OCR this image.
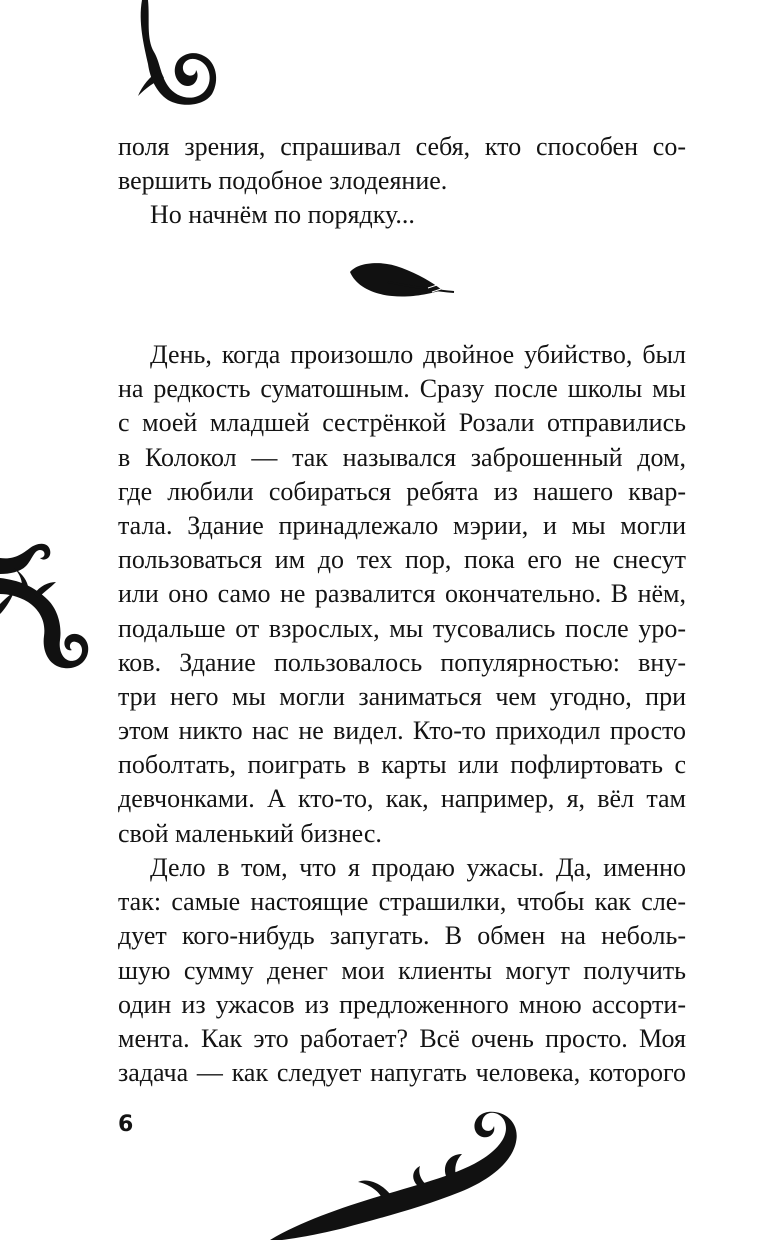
поля зрения, спрашивал себя, кто способен со-
вершить подобное злодеяние.
Но начнём по порядку...
День, когда произошло двойное убийство, был
на редкость суматошным. Сразу после школы мы
с моей младшей сестрёнкой Розали отправились
в Колокол — так назывался заброшенный дом,
где любили собираться ребята из нашего квар-
тала. Здание принадлежало мэрии, и мы могли
пользоваться им до тех пор, пока его не снесут
или оно само не развалится окончательно. В нём,
подальше от взрослых, мы тусовались после уро-
ков. Здание пользовалось популярностью: вну-
три него мы могли заниматься чем угодно, при
этом никто нас не видел. Кто-то приходил просто
поболтать, поиграть в карты или пофлиртовать с
девчонками. А кто-то, как, например, я, вёл там
свой маленький бизнес.
Дело в том, что я продаю ужасы. Да, именно
так: самые настоящие страшилки, чтобы как сле-
дует кого-нибудь запугать. В обмен на неболь-
шую сумму денег мои клиенты могут получить
один из ужасов из предложенного мною ассорти-
мента. Как это работает? Всё очень просто. Моя
задача — как следует напугать человека, которого
6
